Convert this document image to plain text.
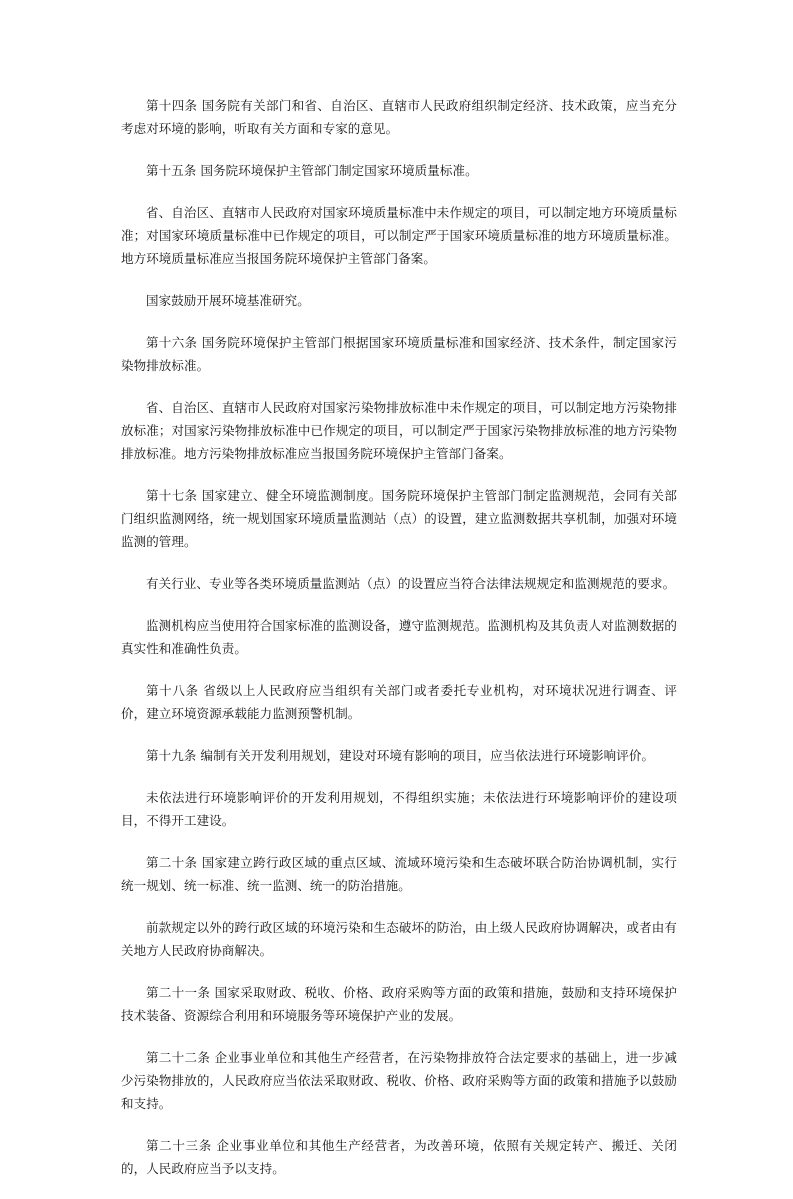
第十四条 国务院有关部门和省、自治区、直辖市人民政府组织制定经济、技术政策，应当充分考虑对环境的影响，听取有关方面和专家的意见。

第十五条 国务院环境保护主管部门制定国家环境质量标准。

省、自治区、直辖市人民政府对国家环境质量标准中未作规定的项目，可以制定地方环境质量标准；对国家环境质量标准中已作规定的项目，可以制定严于国家环境质量标准的地方环境质量标准。地方环境质量标准应当报国务院环境保护主管部门备案。

国家鼓励开展环境基准研究。

第十六条 国务院环境保护主管部门根据国家环境质量标准和国家经济、技术条件，制定国家污染物排放标准。

省、自治区、直辖市人民政府对国家污染物排放标准中未作规定的项目，可以制定地方污染物排放标准；对国家污染物排放标准中已作规定的项目，可以制定严于国家污染物排放标准的地方污染物排放标准。地方污染物排放标准应当报国务院环境保护主管部门备案。

第十七条 国家建立、健全环境监测制度。国务院环境保护主管部门制定监测规范，会同有关部门组织监测网络，统一规划国家环境质量监测站（点）的设置，建立监测数据共享机制，加强对环境监测的管理。

有关行业、专业等各类环境质量监测站（点）的设置应当符合法律法规规定和监测规范的要求。

监测机构应当使用符合国家标准的监测设备，遵守监测规范。监测机构及其负责人对监测数据的真实性和准确性负责。

第十八条 省级以上人民政府应当组织有关部门或者委托专业机构，对环境状况进行调查、评价，建立环境资源承载能力监测预警机制。

第十九条 编制有关开发利用规划，建设对环境有影响的项目，应当依法进行环境影响评价。

未依法进行环境影响评价的开发利用规划，不得组织实施；未依法进行环境影响评价的建设项目，不得开工建设。

第二十条 国家建立跨行政区域的重点区域、流域环境污染和生态破坏联合防治协调机制，实行统一规划、统一标准、统一监测、统一的防治措施。

前款规定以外的跨行政区域的环境污染和生态破坏的防治，由上级人民政府协调解决，或者由有关地方人民政府协商解决。

第二十一条 国家采取财政、税收、价格、政府采购等方面的政策和措施，鼓励和支持环境保护技术装备、资源综合利用和环境服务等环境保护产业的发展。

第二十二条 企业事业单位和其他生产经营者，在污染物排放符合法定要求的基础上，进一步减少污染物排放的，人民政府应当依法采取财政、税收、价格、政府采购等方面的政策和措施予以鼓励和支持。

第二十三条 企业事业单位和其他生产经营者，为改善环境，依照有关规定转产、搬迁、关闭的，人民政府应当予以支持。
